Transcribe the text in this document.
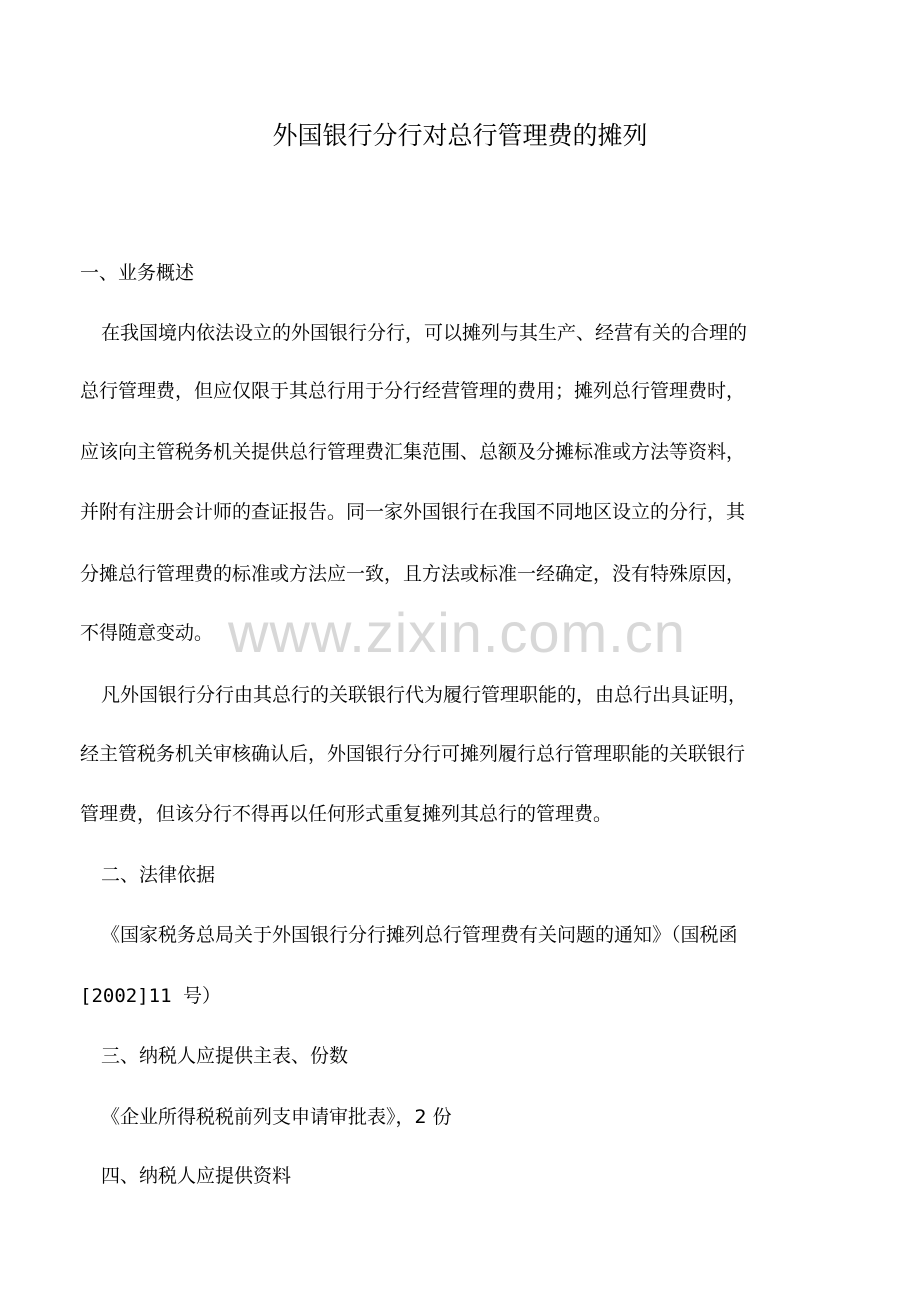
外国银行分行对总行管理费的摊列
www.zixin.com.cn
一、业务概述
在我国境内依法设立的外国银行分行，可以摊列与其生产、经营有关的合理的
总行管理费，但应仅限于其总行用于分行经营管理的费用；摊列总行管理费时，
应该向主管税务机关提供总行管理费汇集范围、总额及分摊标准或方法等资料，
并附有注册会计师的查证报告。同一家外国银行在我国不同地区设立的分行，其
分摊总行管理费的标准或方法应一致，且方法或标准一经确定，没有特殊原因，
不得随意变动。
凡外国银行分行由其总行的关联银行代为履行管理职能的，由总行出具证明，
经主管税务机关审核确认后，外国银行分行可摊列履行总行管理职能的关联银行
管理费，但该分行不得再以任何形式重复摊列其总行的管理费。
二、法律依据
《国家税务总局关于外国银行分行摊列总行管理费有关问题的通知》（国税函
[2002]11 号）
三、纳税人应提供主表、份数
《企业所得税税前列支申请审批表》，2 份
四、纳税人应提供资料
